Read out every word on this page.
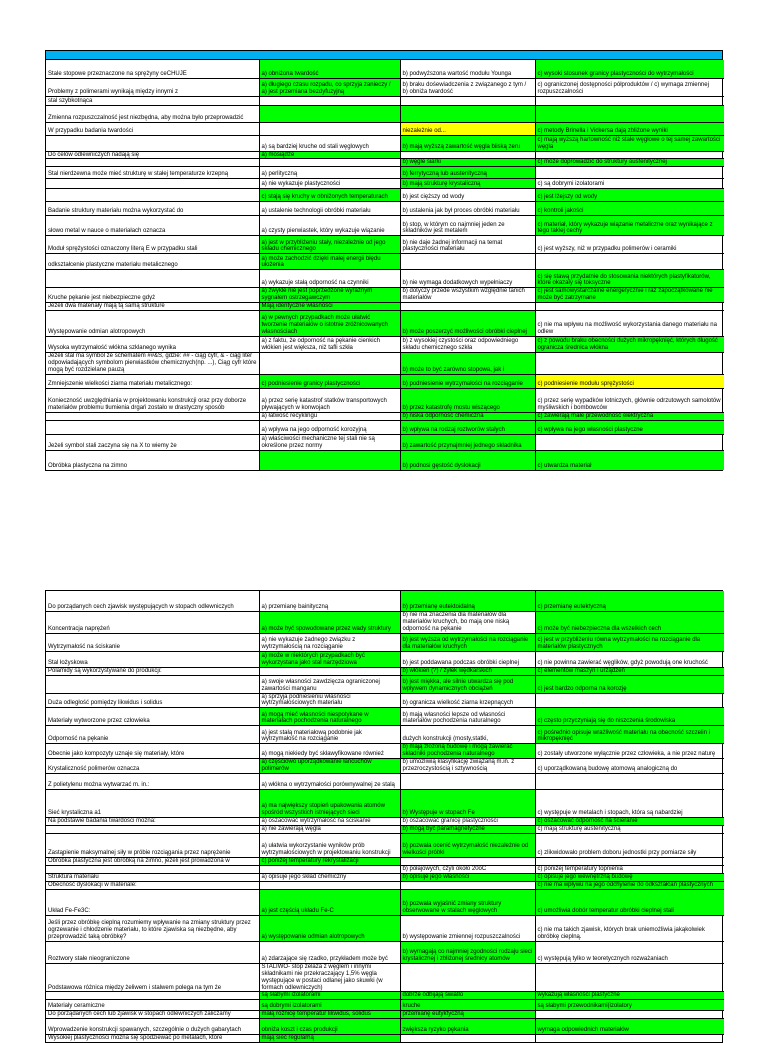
Stale stopowe przeznaczone na sprężyny ceCHUJE	a) obniżona twardość	b) podwyższona wartość modułu Younga	c) wysoki stosunek granicy plastyczności do wytrzymałości
Problemy z polimerami wynikają między innymi z	a) długiego czasu rozpadu, co sprzyja zanieczy / a) jest przemiana bezdyfuzyjną	b) braku dośewiadczenia z związanego z tym / b) obniża twardość	c) ograniczonej dostępności półproduktów / c) wymaga zmiennej rozpuszczalności
stal szybkotnąca			
Zmienna rozpuszczalność jest niezbędna, aby można było przeprowadzić			
W przypadku badania twardości		niezależnie od...	c) metody Brinella i Vickersa dają zbliżone wyniki
	a) są bardziej kruche od stali węglowych	b) mają wyższą zawartość węgla bliską zeru	c) mają wyższą hartowność niż stale węglowe o tej samej zawartości węgla
Do celów odlewniczych nadają się	a) mosiądze		
		b) węgle siarki	c) może doprowadzić do struktury austenitycznej
Stal nierdzewna może mieć strukturę w stałej temperaturze krzepną	a) perlityczną	b) ferrytyczną lub austenityczną	
	a) nie wykazuje plastyczności	b) mają strukturę krystaliczną	c) są dobrymi izolatorami
	c) stają się kruchy w obniżonych temperaturach	b) jest cięższy od wody	c) jest lżejszy od wody
Badanie struktury materiału można wykorzystać do	a) ustalenie technologii obróbki materiału	b) ustalenia jak był proces obróbki materiału	c) kontroli jakości
słowo metal w nauce o materiałach oznacza	a) czysty pierwiastek, który wykazuje wiązanie	b) stop, w którym co najmniej jeden ze składników jest metalem	c) materiał, który wykazuje wiązanie metaliczne oraz wynikające z tego takiej cechy
Moduł sprężystości oznaczony literą E w przypadku stali	a) jest w przybliżeniu stały, niezależnie od jego składu chemicznego	b) nie daje żadnej informacji na temat plastyczności materiału	c) jest wyższy, niż w przypadku polimerów i ceramiki
odkształcenie plastyczne materiału metalicznego	a) może zachodzić dzięki małej energii błędu ułożenia		
	a) wykazuje stałą odporność na czynniki	b) nie wymaga dodatkowych wypełniaczy	c) się stawą przydatnie do stosowania niektórych plastyfikatorów, które okazały się toksyczne
Kruche pękanie jest niebezpieczne gdyż	a) zwykle nie jest poprzedzone wyraźnym sygnałem ostrzegawczym	b) dotyczy przede wszystkim względnie tanich materiałów	c) jest samowystarczalne energetycznie i raz zapoczątkowane nie może być zatrzymane
Jeżeli dwa materiały mają tą samą strukture	Mają identyczne własności		
Występowanie odmian alotropowych	a) w pewnych przypadkach może ułatwić tworzenie materiałów o istotnie zróżnicowanych własnościach	b) może poszerzyć możliwości obróbki cieplnej	c) nie ma wpływu na możliwość wykorzystania danego materiału na odlew
Wysoka wytrzymałość włókna szklanego wynika	a) z faktu, że odporność na pękanie cienkich włókien jest większa, niż tafli szkła	b) z wysokiej czystości oraz odpowiedniego składu chemicznego szkła	c) z powodu braku obecności dużych mikropęknięć, których długość ogranicza średnica włókna
Jeżeli stal ma symbol ze schematem ##&S, gdzie: ## - ciąg cyfr, & - ciąg liter odpowiadających symbolom pierwiastków chemicznych(np. ...), Ciąg cyfr które mogą być rozdzielane pauzą		b) może to być zarówno stopowa, jak i	
Zmniejszenie wielkości ziarna materiału metalicznego:	c) podniesienie granicy plastyczności	b) podniesienie wytrzymałości na rozciąganie	c) podniesienie modułu sprężystości
Konieczność uwzględniania w projektowaniu konstrukcji oraz przy doborze materiałów problemu tłumienia drgań zostało w drastyczny sposób	a) przez serię katastrof statków transportowych pływających w konwojach	b) przez katastrofę mostu wiszącego	c) przez serię wypadków lotniczych, głównie odrzutowych samolotów myśliwskich i bombowców
	a) łatwość recyklingu	b) niska odporność chemiczna	c) zawierają małe przewodność elektryczna
	a) wpływa na jego odporność korozyjną	b) wpływa na rodzaj roztworów stałych	c) wpływa na jego własności plastyczne
Jeżeli symbol stali zaczyna się na X to wiemy że	a) właściwości mechaniczne tej stali nie są określone przez normy	b) zawartość przynajmniej jednego składnika	
Obróbka plastyczna na zimno		b) podnosi gęstość dyslokacji	c) utwardza materiał
Do porządanych cech zjawisk występujących w stopach odlewniczych	a) przemianę bainityczną	b) przemianę eutektoidalną	c) przemianę eutektyczną
Koncentracja naprężeń	a) może być spowodowane przez wady struktury	b) nie ma znaczenia dla materiałów dla materiałów kruchych, bo mają one niską odporność na pękanie	c) może być niebezpieczna dla wszelkich cech
Wytrzymałość na ściskanie	a) nie wykazuje żadnego związku z wytrzymałością na rozciąganie	b) jest wyższa od wytrzymałości na rozciąganie dla materiałów kruchych	c) jest w przybliżeniu równa wytrzymałości na rozciąganie dla materiałów plastycznych
Stal łożyskowa	a) może w niektórych przypadkach być wykorzystana jako stal narzędziowa	b) jest poddawana podczas obróbki cieplnej	c) nie powinna zawierać węglików, gdyż powodują one kruchość
Polamidy są wykorzystywane do produkcji:		b) włókien (?) / żyłek wędkarskich	c) elementów maszyn i urządzeń
	a) swoje własności zawdzięcza ograniczonej zawartości manganu	b) jest miękka, ale silnie utwardza się pod wpływem dynamicznych obciążeń	c) jest bardzo odporna na korozję
Duża odległość pomiędzy likwidus i solidus	a) sprzyja podniesieniu własności wytrzymałościowych materiału	b) ogranicza wielkość ziarna krzepnących	
Materiały wytworzone przez człowieka	a) mogą mieć własności niespotykane w materiałach pochodzenia naturalnego	b) mają własności lepsze od własności materiałów pochodzenia naturalnego	c) często przyczyniają się do niszczenia środowiska
Odporność na pękanie	a) jest stałą materiałową podobnie jak wytrzymałość na rozciąganie	dużych konstrukcji (mosty,statki,	c) pośrednio opisuje wrażliwość materiału na obecność szczelin i mikropęknięć
Obecnie jako kompozyty uznaje się materiały, które	a) mogą niekiedy być skławyfikowane również	b) mają złożoną budowę i mogą zawierać składniki pochodzenia naturalnego	c) zostały utworzone wyłącznie przez człowieka, a nie przez naturę
Krystaliczność polimerów oznacza	a) częściowo uporządkowanie łańcuchów polimerów	b) umożliwią klasyfikację związaną m.in. z przezroczystością i sztywnością	c) uporządkowaną budowę atomową analogiczną do
Z polietylenu można wytwarzać m. in.:	a) włókna o wytrzymałości porównywalnej ze stalą		
Sieć krystaliczna a1	a) ma największy stopień upakowania atomów spośród wszystkich istniejących sieci	b) Występuje w stopach Fe	c) występuje w metalach i stopach, która są nabardziej
Na podstawie badania twardości można:	a) oszacować wytrzymałość na ściskanie	b) oszacować granicę plastyczności	c) oszacować odporność na ścieranie
	a) nie zawierają węgla	b) mogą być paramagnetyczne	c) mają strukturę austenityczną
Zastąpienie maksymalnej siły w próbie rozciągania przez naprężenie	a) ułatwia wykorzystanie wyników prób wytrzymałościowych w projektowaniu konstrukcji	b) pozwala ocenić wytrzymałość niezależnie od wielkości próbki	c) zlikwidowało problem doboru jednostki przy pomiarze siły
Obróbka plastyczna jest obróbką na zimno, jeżeli jest prowadzona w	c) poniżej temperatury rekrystalizacji		
		b) połajowych, czyli około 20oC	c) poniżej temperatury topnienia
Struktura materiału	a) opisuje jego skład chemiczny	b) opisuje jego własności	c) opisuje jego wewnętrzną budowę
Obecność dyslokacji w materiale:			c) nie ma wpływu na jego odchylenie do odkształcań plastycznych
Układ Fe-Fe3C:	a) jest częścią układu Fe-C	b) pozwala wyjaśnić zmiany struktury obserwowane w stalach węglowych	c) umożliwia dobór temperatur obróbki cieplnej stali
Jeśli przez obróbkę cieplną rozumiemy wpływanie na zmiany struktury przez ogrzewanie i chłodzenie materiału, to które zjawiska są niezbędne, aby przeprowadzić taką obróbkę?	a) występowanie odmian alotropowych	b) występowanie zmiennej rozpuszczalności	c) nie ma takich zjawisk, których brak uniemożliwia jakąkolwiek obróbkę cieplną.
Roztwory stałe nieograniczone	a) zdarzające się rzadko, przykładem może być	b) wymagają co najmniej zgodności rodzaju sieci krystalicznej i zbliżonej średnicy atomów	c) występują tylko w teoretycznych rozważaniach
Podstawowa różnica między żeliwem i stalwem polega na tym że	STALIWO- stop żelaza z węglem i innymi składnikami nie przekraczający 1,5% węgla występujące w postaci odlanej jako skuwki (w formach odlewniczych)		
	są słabymi izolatorami	dobrze odbijają światło	wykazują własności plastyczne
Materiały ceramiczne	są dobrymi izolatorami	kruche	są słabymi przewodnikami(izolatory
Do porządanych cech lub zjawisk w stopach odlewniczych zaliczamy	małą różnicę temperatur likwidus, solidus	przemianę eutyktyczną	
Wprowadzenie konstrukcji spawanych, szczególnie o dużych gabarytach	obniża koszt i czas produkcji	zwiększa ryzyko pękania	wymaga odpowiednich materiałów
Wysokiej plastyczności można się spodziewać po metalach, które	mają sieć regularną		
